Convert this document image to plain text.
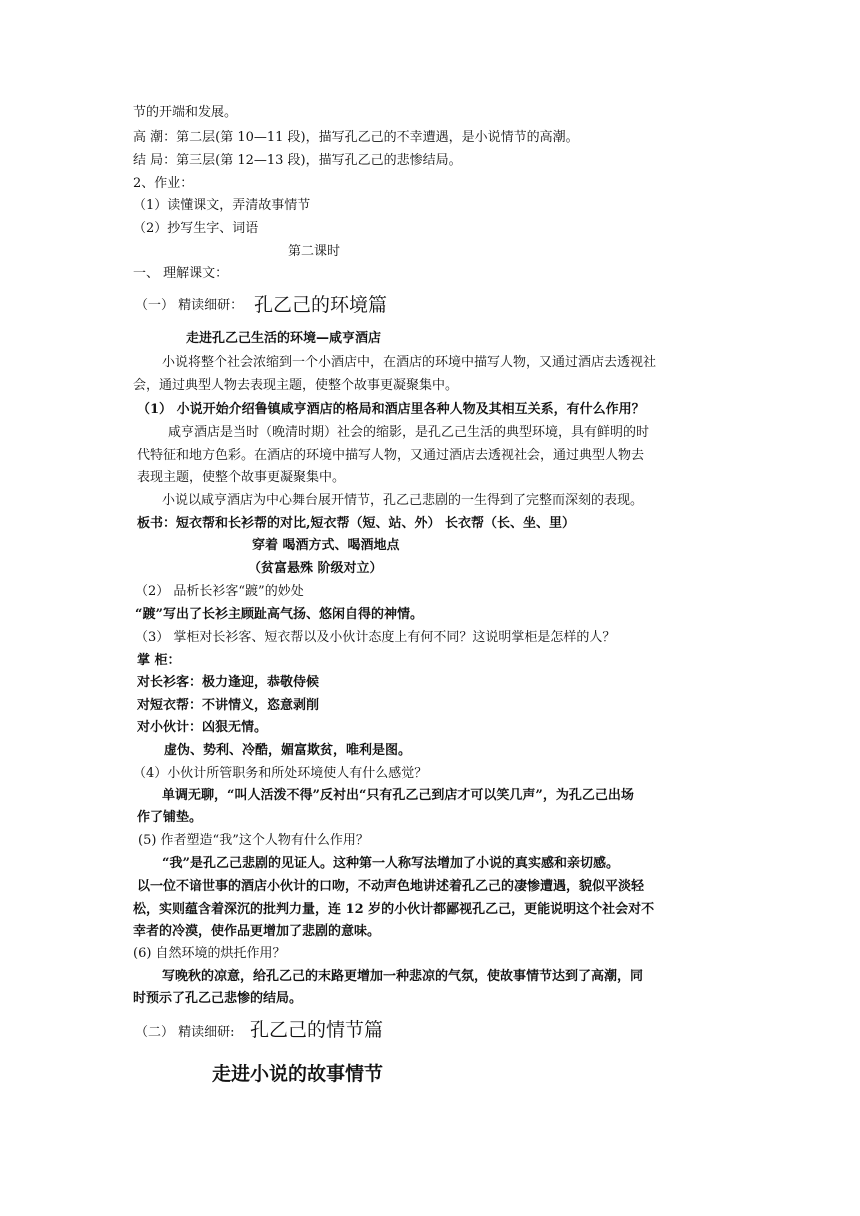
节的开端和发展。
高 潮：第二层(第 10—11 段)，描写孔乙己的不幸遭遇，是小说情节的高潮。
结 局：第三层(第 12—13 段)，描写孔乙己的悲惨结局。
2、作业：
（1）读懂课文，弄清故事情节
（2）抄写生字、词语
第二课时
一、 理解课文：
（一） 精读细研： 孔乙己的环境篇
走进孔乙己生活的环境—咸亨酒店
小说将整个社会浓缩到一个小酒店中，在酒店的环境中描写人物，又通过酒店去透视社
会，通过典型人物去表现主题，使整个故事更凝聚集中。
（1） 小说开始介绍鲁镇咸亨酒店的格局和酒店里各种人物及其相互关系，有什么作用？
咸亨酒店是当时（晚清时期）社会的缩影，是孔乙己生活的典型环境，具有鲜明的时
代特征和地方色彩。在酒店的环境中描写人物，又通过酒店去透视社会，通过典型人物去
表现主题，使整个故事更凝聚集中。
小说以咸亨酒店为中心舞台展开情节，孔乙己悲剧的一生得到了完整而深刻的表现。
板书：短衣帮和长衫帮的对比,短衣帮（短、站、外） 长衣帮（长、坐、里）
穿着 喝酒方式、喝酒地点
（贫富悬殊 阶级对立）
（2） 品析长衫客“踱”的妙处
“踱”写出了长衫主顾趾高气扬、悠闲自得的神情。
（3） 掌柜对长衫客、短衣帮以及小伙计态度上有何不同？这说明掌柜是怎样的人？
掌 柜：
对长衫客：极力逢迎，恭敬侍候
对短衣帮：不讲情义，恣意剥削
对小伙计：凶狠无情。
虚伪、势利、冷酷，媚富欺贫，唯利是图。
（4）小伙计所管职务和所处环境使人有什么感觉？
单调无聊，“叫人活泼不得”反衬出“只有孔乙己到店才可以笑几声”，为孔乙己出场
作了铺垫。
(5) 作者塑造“我”这个人物有什么作用？
“我”是孔乙己悲剧的见证人。这种第一人称写法增加了小说的真实感和亲切感。
以一位不谙世事的酒店小伙计的口吻，不动声色地讲述着孔乙己的凄惨遭遇，貌似平淡轻
松，实则蕴含着深沉的批判力量，连 12 岁的小伙计都鄙视孔乙己，更能说明这个社会对不
幸者的冷漠，使作品更增加了悲剧的意味。
(6) 自然环境的烘托作用？
写晚秋的凉意，给孔乙己的末路更增加一种悲凉的气氛，使故事情节达到了高潮，同
时预示了孔乙己悲惨的结局。
（二） 精读细研: 孔乙己的情节篇
走进小说的故事情节
